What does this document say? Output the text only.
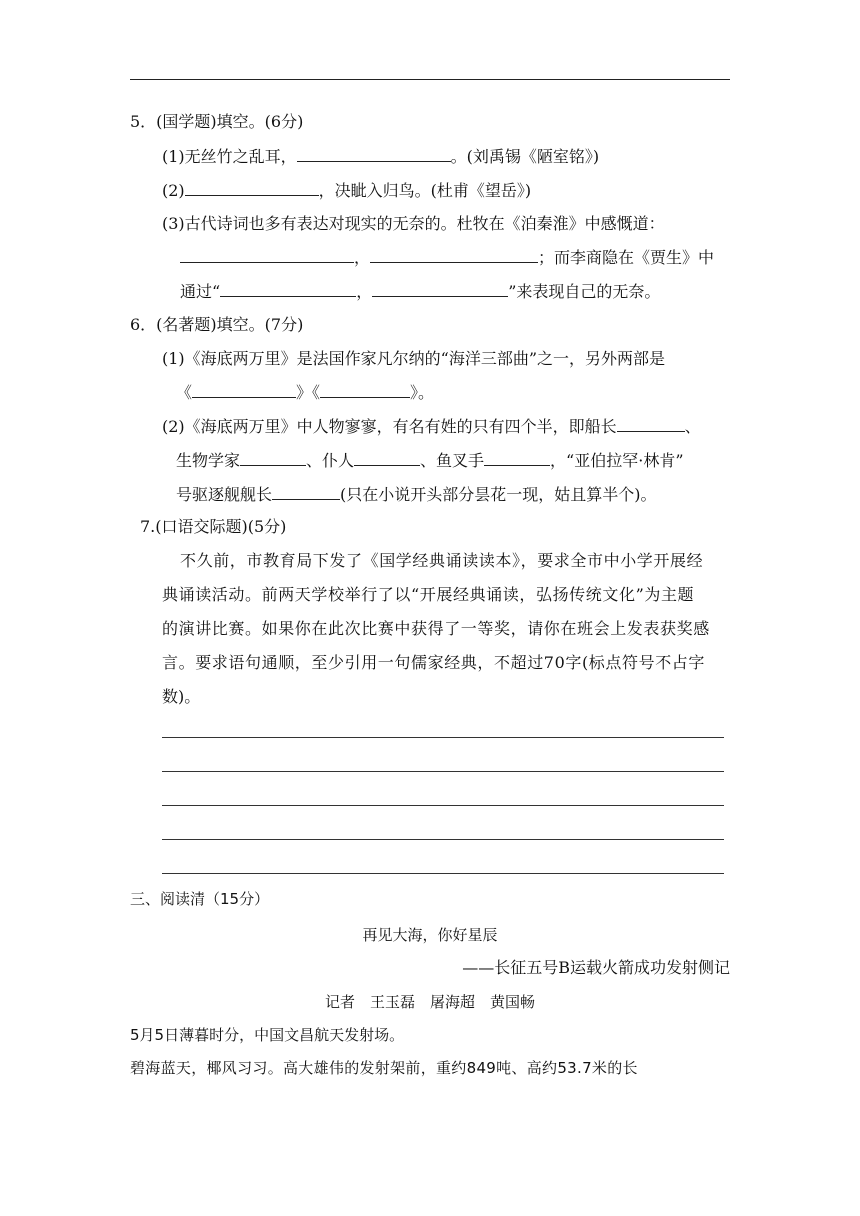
5．(国学题)填空。(6分)
(1)无丝竹之乱耳，	。(刘禹锡《陋室铭》)
(2)	，决眦入归鸟。(杜甫《望岳》)
(3)古代诗词也多有表达对现实的无奈的。杜牧在《泊秦淮》中感慨道：
，	；而李商隐在《贾生》中
通过“	，	”来表现自己的无奈。
6．(名著题)填空。(7分)
(1)《海底两万里》是法国作家凡尔纳的“海洋三部曲”之一，另外两部是
《	》《	》。
(2)《海底两万里》中人物寥寥，有名有姓的只有四个半，即船长	、
生物学家	、仆人	、鱼叉手	，“亚伯拉罕·林肯”
号驱逐舰舰长	(只在小说开头部分昙花一现，姑且算半个)。
7.(口语交际题)(5分)
不久前，市教育局下发了《国学经典诵读读本》，要求全市中小学开展经
典诵读活动。前两天学校举行了以“开展经典诵读，弘扬传统文化”为主题
的演讲比赛。如果你在此次比赛中获得了一等奖，请你在班会上发表获奖感
言。要求语句通顺，至少引用一句儒家经典，不超过70字(标点符号不占字
数)。
三、阅读清（15分）
再见大海，你好星辰
——长征五号B运载火箭成功发射侧记
记者　王玉磊　屠海超　黄国畅
5月5日薄暮时分，中国文昌航天发射场。
碧海蓝天，椰风习习。高大雄伟的发射架前，重约849吨、高约53.7米的长
